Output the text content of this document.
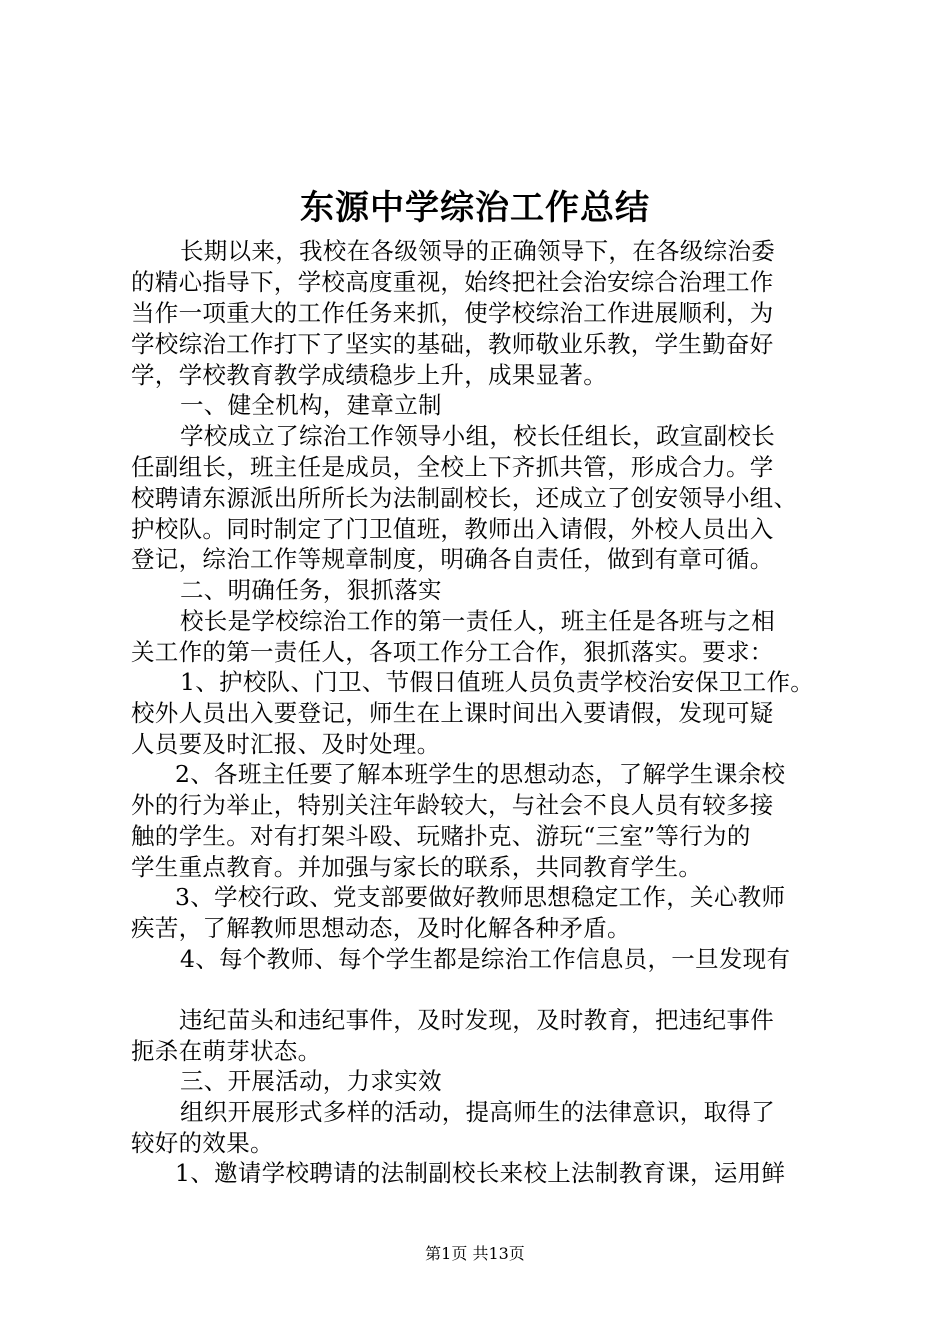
东源中学综治工作总结
长期以来，我校在各级领导的正确领导下，在各级综治委
的精心指导下，学校高度重视，始终把社会治安综合治理工作
当作一项重大的工作任务来抓，使学校综治工作进展顺利，为
学校综治工作打下了坚实的基础，教师敬业乐教，学生勤奋好
学，学校教育教学成绩稳步上升，成果显著。
一、健全机构，建章立制
学校成立了综治工作领导小组，校长任组长，政宣副校长
任副组长，班主任是成员，全校上下齐抓共管，形成合力。学
校聘请东源派出所所长为法制副校长，还成立了创安领导小组、
护校队。同时制定了门卫值班，教师出入请假，外校人员出入
登记，综治工作等规章制度，明确各自责任，做到有章可循。
二、明确任务，狠抓落实
校长是学校综治工作的第一责任人，班主任是各班与之相
关工作的第一责任人，各项工作分工合作，狠抓落实。要求：
1、护校队、门卫、节假日值班人员负责学校治安保卫工作。
校外人员出入要登记，师生在上课时间出入要请假，发现可疑
人员要及时汇报、及时处理。
2、各班主任要了解本班学生的思想动态，了解学生课余校
外的行为举止，特别关注年龄较大，与社会不良人员有较多接
触的学生。对有打架斗殴、玩赌扑克、游玩“三室”等行为的
学生重点教育。并加强与家长的联系，共同教育学生。
3、学校行政、党支部要做好教师思想稳定工作，关心教师
疾苦，了解教师思想动态，及时化解各种矛盾。
4、每个教师、每个学生都是综治工作信息员，一旦发现有
违纪苗头和违纪事件，及时发现，及时教育，把违纪事件
扼杀在萌芽状态。
三、开展活动，力求实效
组织开展形式多样的活动，提高师生的法律意识，取得了
较好的效果。
1、邀请学校聘请的法制副校长来校上法制教育课，运用鲜
第1页 共13页
